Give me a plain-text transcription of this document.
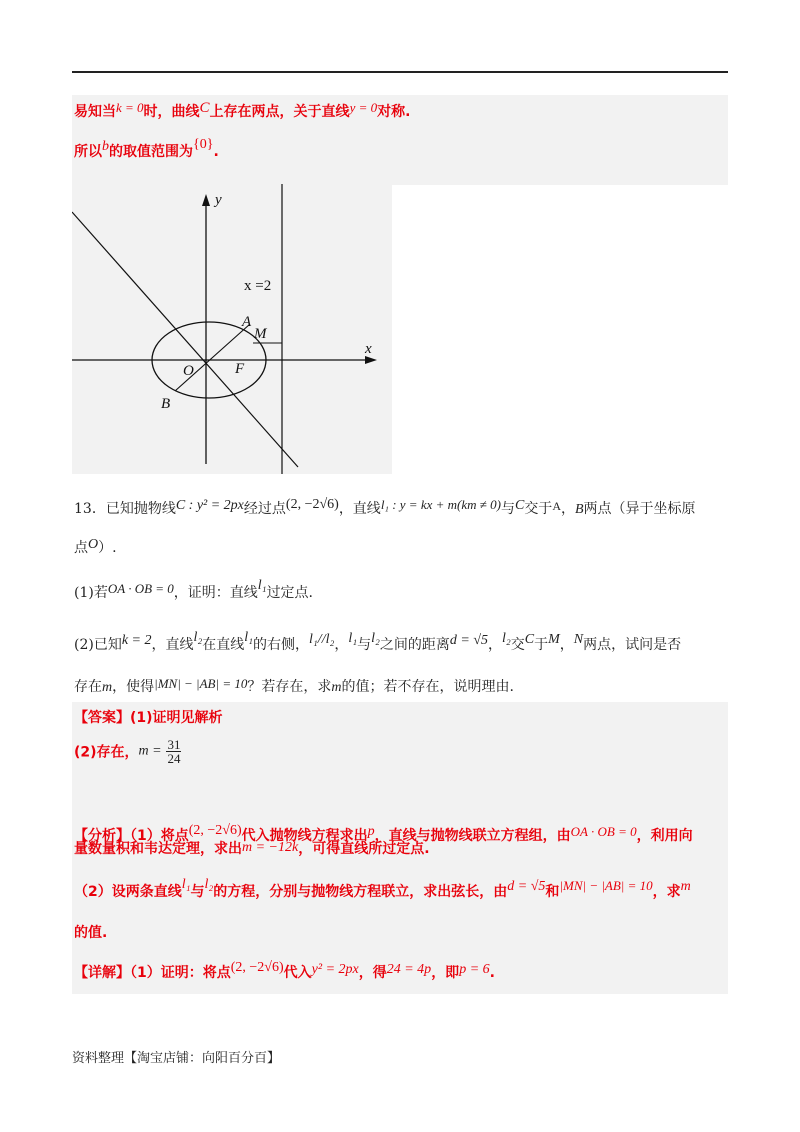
易知当k = 0时，曲线C上存在两点，关于直线y = 0对称.
所以b的取值范围为{0}.
y
x
x =2
A
M
O	F
B
13．已知抛物线C : y² = 2px经过点(2, −2√6)，直线l₁ : y = kx + m(km ≠ 0)与C交于A，B两点（异于坐标原
点O）.
(1)若OA · OB = 0，证明：直线l₁过定点.
(2)已知k = 2，直线l₂在直线l₁的右侧，l₁//l₂，l₁与l₂之间的距离d = √5，l₂交C于M，N两点，试问是否
存在m，使得|MN| − |AB| = 10？若存在，求m的值；若不存在，说明理由.
【答案】(1)证明见解析
(2)存在，$m = \frac{31}{24}$
【分析】（1）将点(2, −2√6)代入抛物线方程求出p，直线与抛物线联立方程组，由OA · OB = 0，利用向
量数量积和韦达定理，求出m = −12k，可得直线所过定点.
（2）设两条直线l₁与l₂的方程，分别与抛物线方程联立，求出弦长，由d = √5和|MN| − |AB| = 10，求m
的值.
【详解】（1）证明：将点(2, −2√6)代入y² = 2px，得24 = 4p，即p = 6.
资料整理【淘宝店铺：向阳百分百】
